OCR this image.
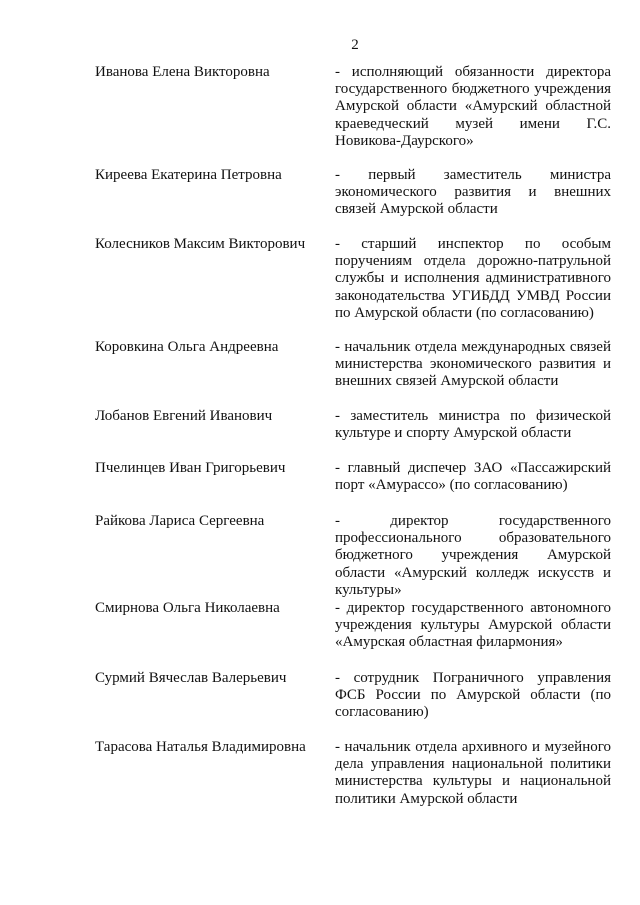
2
Иванова Елена Викторовна	- исполняющий обязанности директора государственного бюджетного учреждения Амурской области «Амурский областной краеведческий музей имени Г.С. Новикова-Даурского»
Киреева Екатерина Петровна	- первый заместитель министра экономического развития и внешних связей Амурской области
Колесников Максим Викторович	- старший инспектор по особым поручениям отдела дорожно-патрульной службы и исполнения административного законодательства УГИБДД УМВД России по Амурской области (по согласованию)
Коровкина Ольга Андреевна	- начальник отдела международных связей министерства экономического развития и внешних связей Амурской области
Лобанов Евгений Иванович	- заместитель министра по физической культуре и спорту Амурской области
Пчелинцев Иван Григорьевич	- главный диспечер ЗАО «Пассажирский порт «Амурассо» (по согласованию)
Райкова Лариса Сергеевна	- директор государственного профессионального образовательного бюджетного учреждения Амурской области «Амурский колледж искусств и культуры»
Смирнова Ольга Николаевна	- директор государственного автономного учреждения культуры Амурской области «Амурская областная филармония»
Сурмий Вячеслав Валерьевич	- сотрудник Пограничного управления ФСБ России по Амурской области (по согласованию)
Тарасова Наталья Владимировна	- начальник отдела архивного и музейного дела управления национальной политики министерства культуры и национальной политики Амурской области
